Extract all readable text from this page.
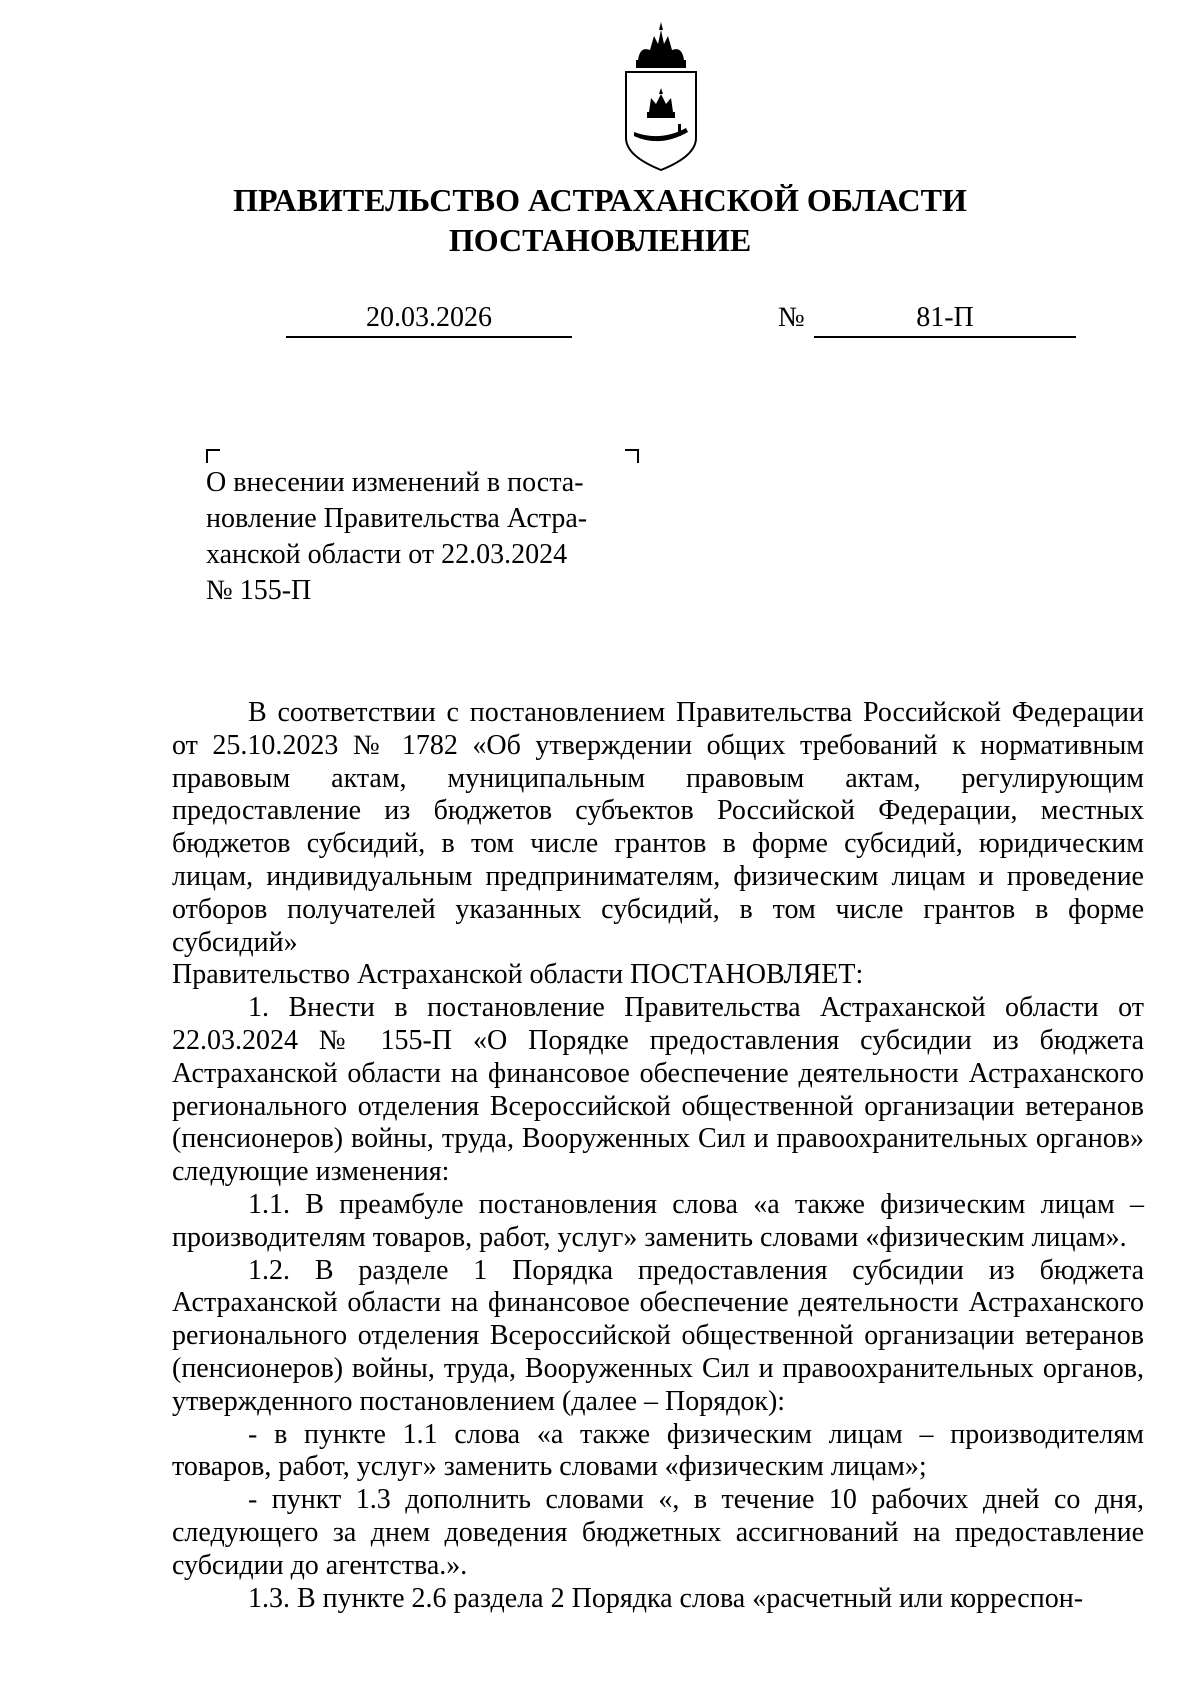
ПРАВИТЕЛЬСТВО АСТРАХАНСКОЙ ОБЛАСТИ
ПОСТАНОВЛЕНИЕ
20.03.2026	№	81-П

О внесении изменений в поста-

новление Правительства Астра-

ханской области от 22.03.2024

№ 155-П

В соответствии с постановлением Правительства Российской Федерации от 25.10.2023 № 1782 «Об утверждении общих требований к нормативным правовым актам, муниципальным правовым актам, регулирующим предоставление из бюджетов субъектов Российской Федерации, местных бюджетов субсидий, в том числе грантов в форме субсидий, юридическим лицам, индивидуальным предпринимателям, физическим лицам и проведение отборов получателей указанных субсидий, в том числе грантов в форме субсидий»

Правительство Астраханской области ПОСТАНОВЛЯЕТ:

1. Внести в постановление Правительства Астраханской области от 22.03.2024 № 155-П «О Порядке предоставления субсидии из бюджета Астраханской области на финансовое обеспечение деятельности Астраханского регионального отделения Всероссийской общественной организации ветеранов (пенсионеров) войны, труда, Вооруженных Сил и правоохранительных органов» следующие изменения:

1.1. В преамбуле постановления слова «а также физическим лицам – производителям товаров, работ, услуг» заменить словами «физическим лицам».

1.2. В разделе 1 Порядка предоставления субсидии из бюджета Астраханской области на финансовое обеспечение деятельности Астраханского регионального отделения Всероссийской общественной организации ветеранов (пенсионеров) войны, труда, Вооруженных Сил и правоохранительных органов, утвержденного постановлением (далее – Порядок):

- в пункте 1.1 слова «а также физическим лицам – производителям товаров, работ, услуг» заменить словами «физическим лицам»;

- пункт 1.3 дополнить словами «, в течение 10 рабочих дней со дня, следующего за днем доведения бюджетных ассигнований на предоставление субсидии до агентства.».

1.3. В пункте 2.6 раздела 2 Порядка слова «расчетный или корреспон-
